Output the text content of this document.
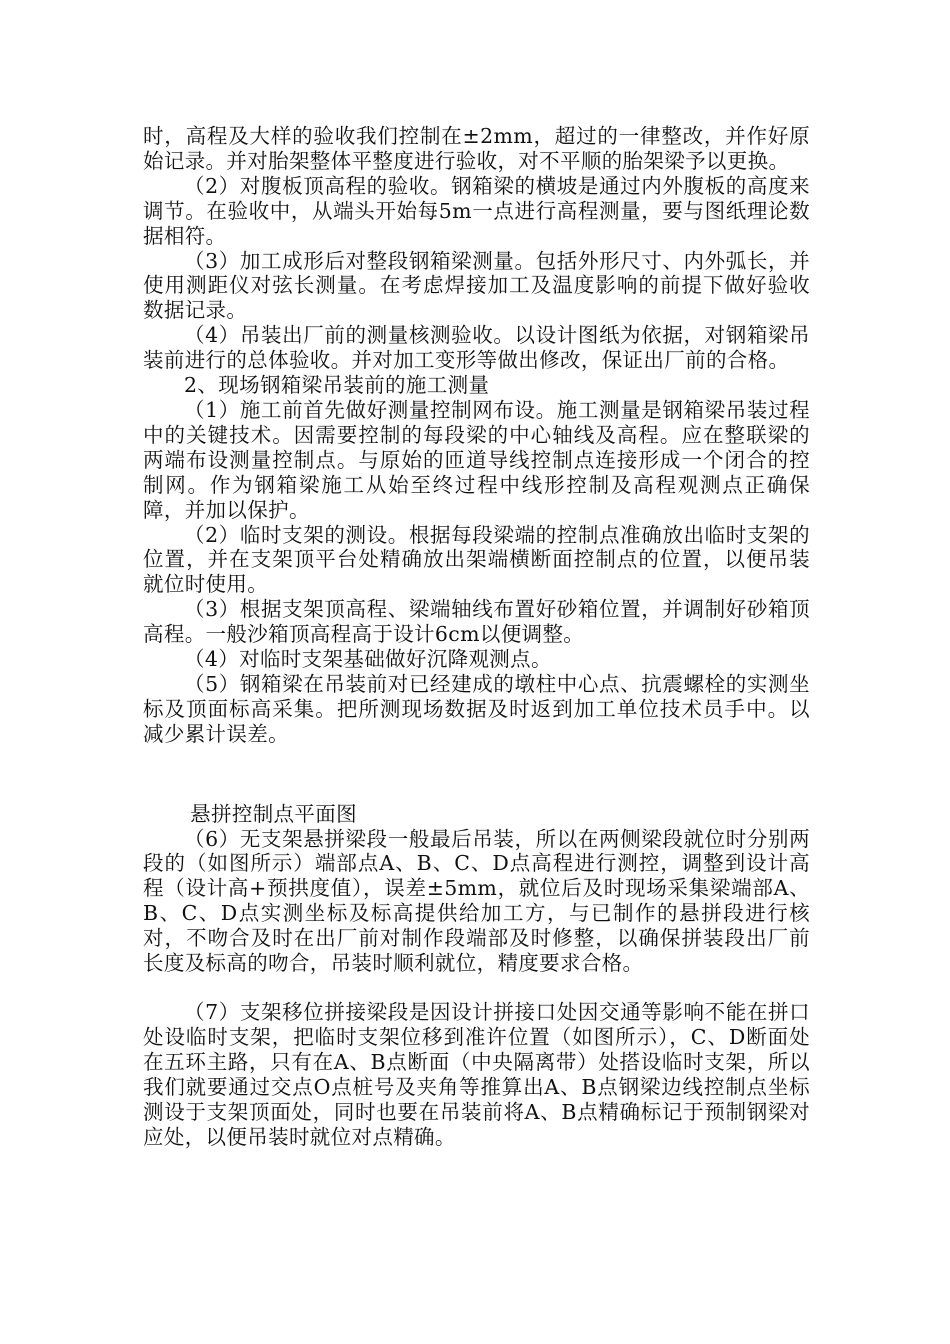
时，高程及大样的验收我们控制在±2mm，超过的一律整改，并作好原始记录。并对胎架整体平整度进行验收，对不平顺的胎架梁予以更换。

（2）对腹板顶高程的验收。钢箱梁的横坡是通过内外腹板的高度来调节。在验收中，从端头开始每5m一点进行高程测量，要与图纸理论数据相符。

（3）加工成形后对整段钢箱梁测量。包括外形尺寸、内外弧长，并使用测距仪对弦长测量。在考虑焊接加工及温度影响的前提下做好验收数据记录。

（4）吊装出厂前的测量核测验收。以设计图纸为依据，对钢箱梁吊装前进行的总体验收。并对加工变形等做出修改，保证出厂前的合格。

2、现场钢箱梁吊装前的施工测量

（1）施工前首先做好测量控制网布设。施工测量是钢箱梁吊装过程中的关键技术。因需要控制的每段梁的中心轴线及高程。应在整联梁的两端布设测量控制点。与原始的匝道导线控制点连接形成一个闭合的控制网。作为钢箱梁施工从始至终过程中线形控制及高程观测点正确保障，并加以保护。

（2）临时支架的测设。根据每段梁端的控制点准确放出临时支架的位置，并在支架顶平台处精确放出架端横断面控制点的位置，以便吊装就位时使用。

（3）根据支架顶高程、梁端轴线布置好砂箱位置，并调制好砂箱顶高程。一般沙箱顶高程高于设计6cm以便调整。

（4）对临时支架基础做好沉降观测点。

（5）钢箱梁在吊装前对已经建成的墩柱中心点、抗震螺栓的实测坐标及顶面标高采集。把所测现场数据及时返到加工单位技术员手中。以减少累计误差。

悬拼控制点平面图

（6）无支架悬拼梁段一般最后吊装，所以在两侧梁段就位时分别两段的（如图所示）端部点A、B、C、D点高程进行测控，调整到设计高程（设计高+预拱度值），误差±5mm，就位后及时现场采集梁端部A、B、C、D点实测坐标及标高提供给加工方，与已制作的悬拼段进行核对，不吻合及时在出厂前对制作段端部及时修整，以确保拼装段出厂前长度及标高的吻合，吊装时顺利就位，精度要求合格。

（7）支架移位拼接梁段是因设计拼接口处因交通等影响不能在拼口处设临时支架，把临时支架位移到准许位置（如图所示），C、D断面处在五环主路，只有在A、B点断面（中央隔离带）处搭设临时支架，所以我们就要通过交点O点桩号及夹角等推算出A、B点钢梁边线控制点坐标测设于支架顶面处，同时也要在吊装前将A、B点精确标记于预制钢梁对应处，以便吊装时就位对点精确。
